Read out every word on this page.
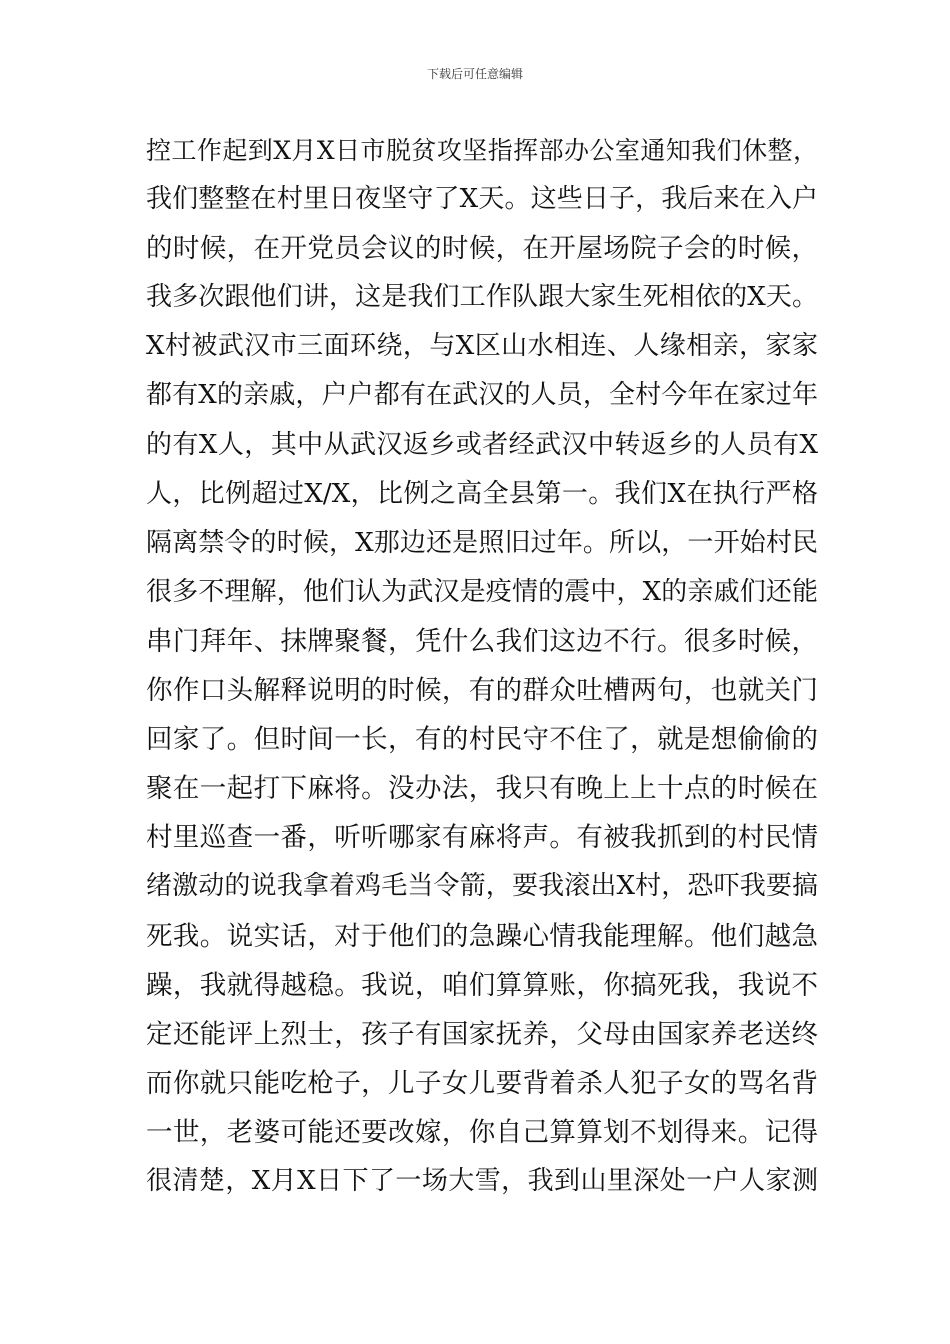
下载后可任意编辑
控工作起到X月X日市脱贫攻坚指挥部办公室通知我们休整，
我们整整在村里日夜坚守了X天。这些日子，我后来在入户
的时候，在开党员会议的时候，在开屋场院子会的时候，
我多次跟他们讲，这是我们工作队跟大家生死相依的X天。
X村被武汉市三面环绕，与X区山水相连、人缘相亲，家家
都有X的亲戚，户户都有在武汉的人员，全村今年在家过年
的有X人，其中从武汉返乡或者经武汉中转返乡的人员有X
人，比例超过X/X，比例之高全县第一。我们X在执行严格
隔离禁令的时候，X那边还是照旧过年。所以，一开始村民
很多不理解，他们认为武汉是疫情的震中，X的亲戚们还能
串门拜年、抹牌聚餐，凭什么我们这边不行。很多时候，
你作口头解释说明的时候，有的群众吐槽两句，也就关门
回家了。但时间一长，有的村民守不住了，就是想偷偷的
聚在一起打下麻将。没办法，我只有晚上上十点的时候在
村里巡查一番，听听哪家有麻将声。有被我抓到的村民情
绪激动的说我拿着鸡毛当令箭，要我滚出X村，恐吓我要搞
死我。说实话，对于他们的急躁心情我能理解。他们越急
躁，我就得越稳。我说，咱们算算账，你搞死我，我说不
定还能评上烈士，孩子有国家抚养，父母由国家养老送终
而你就只能吃枪子，儿子女儿要背着杀人犯子女的骂名背
一世，老婆可能还要改嫁，你自己算算划不划得来。记得
很清楚，X月X日下了一场大雪，我到山里深处一户人家测
